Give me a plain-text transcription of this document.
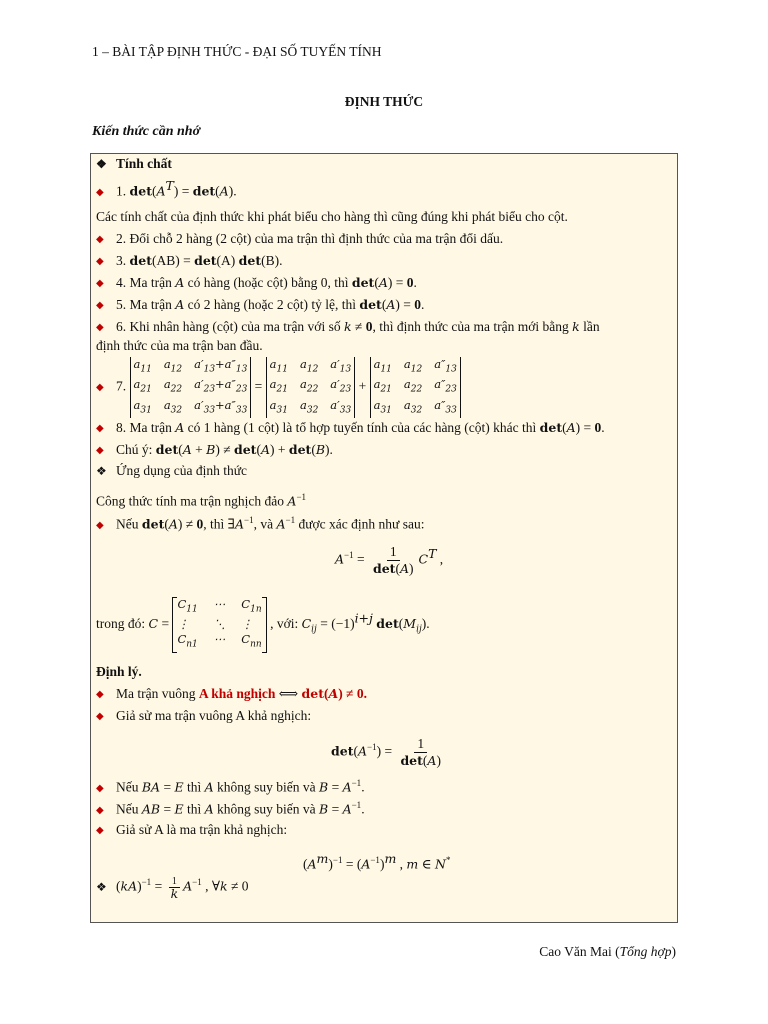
1 – BÀI TẬP ĐỊNH THỨC - ĐẠI SỐ TUYẾN TÍNH
ĐỊNH THỨC
Kiến thức cần nhớ
❖ Tính chất
◆ 1. $\det(A^T) = \det(A)$.
Các tính chất của định thức khi phát biểu cho hàng thì cũng đúng khi phát biểu cho cột.
◆ 2. Đổi chỗ 2 hàng (2 cột) của ma trận thì định thức của ma trận đổi dấu.
◆ 3. det(AB) = det(A) det(B).
◆ 4. Ma trận A có hàng (hoặc cột) bằng 0, thì det(A) = 0.
◆ 5. Ma trận A có 2 hàng (hoặc 2 cột) tỷ lệ, thì det(A) = 0.
◆ 6. Khi nhân hàng (cột) của ma trận với số k ≠ 0, thì định thức của ma trận mới bằng k lần
định thức của ma trận ban đầu.
◆ 7.
$a_{11}$ $a_{12}$ $a'_{13}+a''_{13}$
$a_{21}$ $a_{22}$ $a'_{23}+a''_{23}$
$a_{31}$ $a_{32}$ $a'_{33}+a''_{33}$
=
$a_{11}$ $a_{12}$ $a'_{13}$
$a_{21}$ $a_{22}$ $a'_{23}$
$a_{31}$ $a_{32}$ $a'_{33}$
+
$a_{11}$ $a_{12}$ $a''_{13}$
$a_{21}$ $a_{22}$ $a''_{23}$
$a_{31}$ $a_{32}$ $a''_{33}$
◆ 8. Ma trận A có 1 hàng (1 cột) là tổ hợp tuyến tính của các hàng (cột) khác thì det(A) = 0.
◆ Chú ý: det(A + B) ≠ det(A) + det(B).
❖ Ứng dụng của định thức
Công thức tính ma trận nghịch đảo $A^{-1}$
◆ Nếu det(A) ≠ 0, thì $\exists A^{-1}$, và $A^{-1}$ được xác định như sau:
$A^{-1} = \frac{1}{\det(A)} C^T$ ,
trong đó: C =
$C_{11}$ ⋯ $C_{1n}$
⋮	⋱ ⋮
$C_{n1}$ ⋯ $C_{nn}$
, với: $C_{ij} = (-1)^{i+j}$ $\det(M_{ij})$.
Định lý.
◆ Ma trận vuông A khả nghịch ⟺ det(A) ≠ 0.
◆ Giả sử ma trận vuông A khả nghịch:
$\det(A^{-1}) = \frac{1}{\det(A)}$
◆ Nếu BA = E thì A không suy biến và $B = A^{-1}$.
◆ Nếu AB = E thì A không suy biến và $B = A^{-1}$.
◆ Giả sử A là ma trận khả nghịch:
$(A^m)^{-1} = (A^{-1})^m$ , m ∈ N*
❖ $(kA)^{-1} = \frac{1}{k} A^{-1}$ , ∀k ≠ 0
Cao Văn Mai (Tổng hợp)
